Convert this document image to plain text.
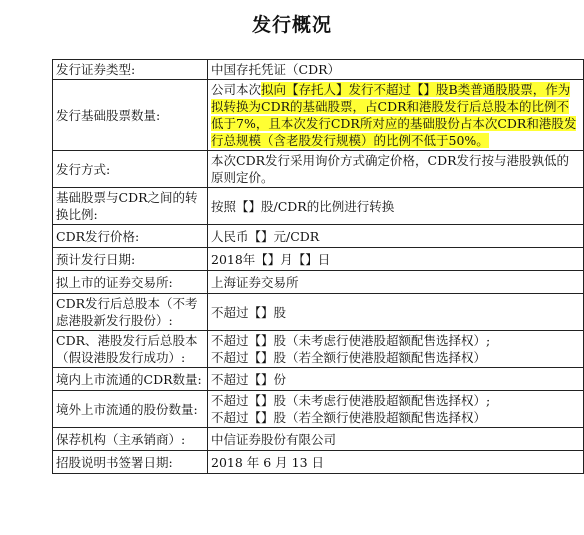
发行概况
发行证券类型:	中国存托凭证（CDR）
发行基础股票数量:	公司本次拟向【存托人】发行不超过【】股B类普通股股票，作为拟转换为CDR的基础股票，占CDR和港股发行后总股本的比例不低于7%，且本次发行CDR所对应的基础股份占本次CDR和港股发行总规模（含老股发行规模）的比例不低于50%。
发行方式:	本次CDR发行采用询价方式确定价格，CDR发行按与港股孰低的原则定价。
基础股票与CDR之间的转换比例:	按照【】股/CDR的比例进行转换
CDR发行价格:	人民币【】元/CDR
预计发行日期:	2018年【】月【】日
拟上市的证券交易所:	上海证券交易所
CDR发行后总股本（不考虑港股新发行股份）:	不超过【】股
CDR、港股发行后总股本（假设港股发行成功）:	不超过【】股（未考虑行使港股超额配售选择权）;
不超过【】股（若全额行使港股超额配售选择权）

境内上市流通的CDR数量:	不超过【】份
境外上市流通的股份数量:	不超过【】股（未考虑行使港股超额配售选择权）;
不超过【】股（若全额行使港股超额配售选择权）

保荐机构（主承销商）:	中信证券股份有限公司
招股说明书签署日期:	2018 年 6 月 13 日
